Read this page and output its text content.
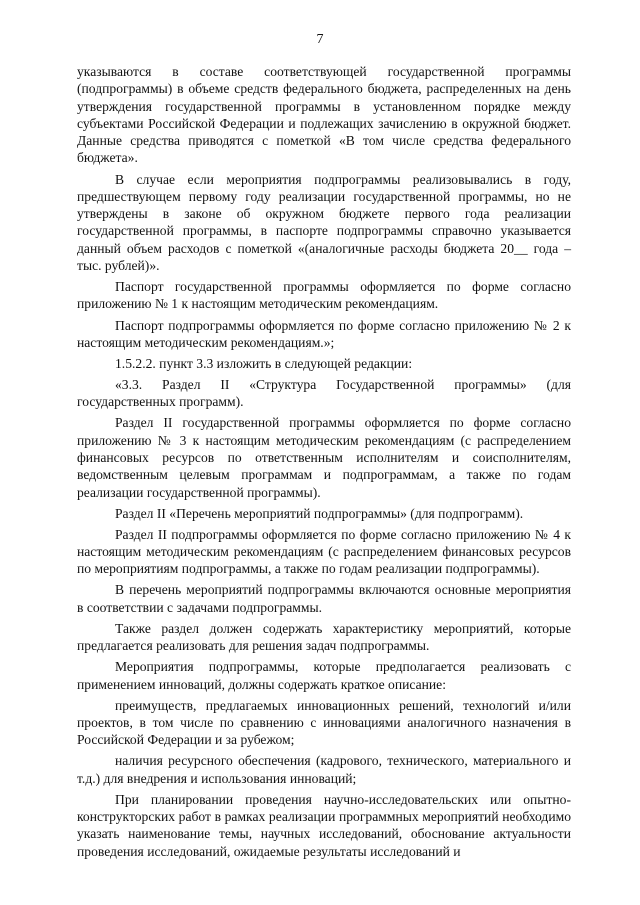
7

указываются в составе соответствующей государственной программы (подпрограммы) в объеме средств федерального бюджета, распределенных на день утверждения государственной программы в установленном порядке между субъектами Российской Федерации и подлежащих зачислению в окружной бюджет. Данные средства приводятся с пометкой «В том числе средства федерального бюджета».

В случае если мероприятия подпрограммы реализовывались в году, предшествующем первому году реализации государственной программы, но не утверждены в законе об окружном бюджете первого года реализации государственной программы, в паспорте подпрограммы справочно указывается данный объем расходов с пометкой «(аналогичные расходы бюджета 20__ года – тыс. рублей)».

Паспорт государственной программы оформляется по форме согласно приложению № 1 к настоящим методическим рекомендациям.

Паспорт подпрограммы оформляется по форме согласно приложению № 2 к настоящим методическим рекомендациям.»;

1.5.2.2. пункт 3.3 изложить в следующей редакции:

«3.3. Раздел II «Структура Государственной программы» (для государственных программ).

Раздел II государственной программы оформляется по форме согласно приложению № 3 к настоящим методическим рекомендациям (с распределением финансовых ресурсов по ответственным исполнителям и соисполнителям, ведомственным целевым программам и подпрограммам, а также по годам реализации государственной программы).

Раздел II «Перечень мероприятий подпрограммы» (для подпрограмм).

Раздел II подпрограммы оформляется по форме согласно приложению № 4 к настоящим методическим рекомендациям (с распределением финансовых ресурсов по мероприятиям подпрограммы, а также по годам реализации подпрограммы).

В перечень мероприятий подпрограммы включаются основные мероприятия в соответствии с задачами подпрограммы.

Также раздел должен содержать характеристику мероприятий, которые предлагается реализовать для решения задач подпрограммы.

Мероприятия подпрограммы, которые предполагается реализовать с применением инноваций, должны содержать краткое описание:

преимуществ, предлагаемых инновационных решений, технологий и/или проектов, в том числе по сравнению с инновациями аналогичного назначения в Российской Федерации и за рубежом;

наличия ресурсного обеспечения (кадрового, технического, материального и т.д.) для внедрения и использования инноваций;

При планировании проведения научно-исследовательских или опытно-конструкторских работ в рамках реализации программных мероприятий необходимо указать наименование темы, научных исследований, обоснование актуальности проведения исследований, ожидаемые результаты исследований и
